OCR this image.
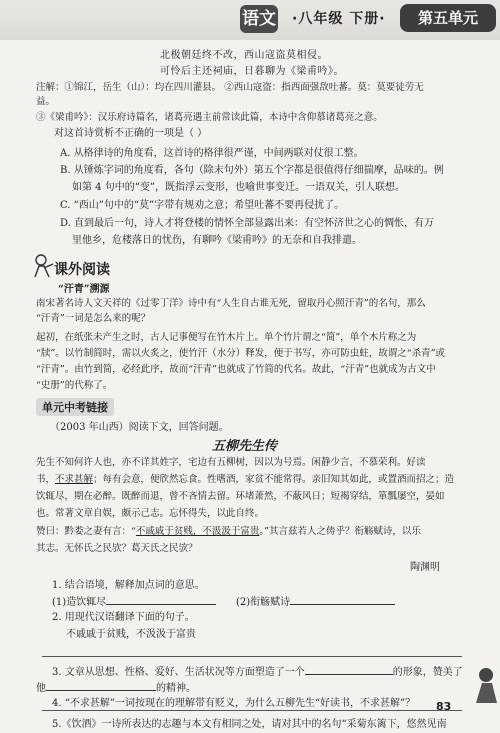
语文 ·八年级 下册·	第五单元
北极朝廷终不改，西山寇盗莫相侵。
可怜后主还祠庙，日暮聊为《梁甫吟》。
注解：①锦江，岳生（山）：均在四川灌县。 ②西山寇盗：指西面强敌吐蕃。莫：莫要徒劳无
益。
③《梁甫吟》：汉乐府诗篇名，诸葛亮遇主前常读此篇，本诗中含仰慕诸葛亮之意。
对这首诗赏析不正确的一项是（ ）
A. 从格律诗的角度看，这首诗的格律很严谨，中间两联对仗很工整。
B. 从锤炼字词的角度看，各句（除末句外）第五个字都是很值得仔细揣摩，品味的。例
如第 4 句中的“变”，既指浮云变形，也喻世事变迁。一语双关，引人联想。
C. “西山”句中的“莫”字带有规劝之意；希望吐蕃不要再侵扰了。
D. 直到最后一句，诗人才将登楼的情怀全部显露出来：有空怀济世之心的惆怅，有万
里他乡，危楼落日的忧伤，有聊吟《梁甫吟》的无奈和自我排遣。
课外阅读
“汗青”溯源
南宋著名诗人文天祥的《过零丁洋》诗中有“人生自古谁无死，留取丹心照汗青”的名句，那么
“汗青”一词是怎么来的呢？
起初，在纸张未产生之时，古人记事便写在竹木片上。单个竹片谓之“简”，单个木片称之为
“牍”。以竹制简时，需以火炙之，使竹汗（水分）释发，便于书写，亦可防虫蛀，故谓之“杀青”或
“汗青”。由竹到简，必经此序，故而“汗青”也就成了竹简的代名。故此，“汗青”也就成为古文中
“史册”的代称了。
单元中考链接
（2003 年山西）阅读下文，回答问题。
五柳先生传
先生不知何许人也，亦不详其姓字，宅边有五柳树，因以为号焉。闲静少言，不慕荣利。好读
书，不求甚解；每有会意，便欣然忘食。性嗜酒，家贫不能常得。亲旧知其如此，或置酒而招之；造
饮辄尽，期在必醉。既醉而退，曾不吝情去留。环堵萧然，不蔽风日；短褐穿结，箪瓢屡空，晏如
也。常著文章自娱，颇示己志。忘怀得失，以此自终。
赞曰：黔娄之妻有言：“不戚戚于贫贱，不汲汲于富贵。”其言兹若人之俦乎？衔觞赋诗，以乐
其志。无怀氏之民欤？葛天氏之民欤？
陶渊明
1. 结合语境，解释加点词的意思。
(1)造饮辄尽	(2)衔觞赋诗
2. 用现代汉语翻译下面的句子。
不戚戚于贫贱，不汲汲于富贵
3. 文章从思想、性格、爱好、生活状况等方面塑造了一个	的形象，赞美了
他	的精神。
4. “不求甚解”一词按现在的理解带有贬义，为什么五柳先生“好读书，不求甚解”？
5.《饮酒》一诗所表达的志趣与本文有相同之处，请对其中的名句“采菊东篱下，悠然见南
83
